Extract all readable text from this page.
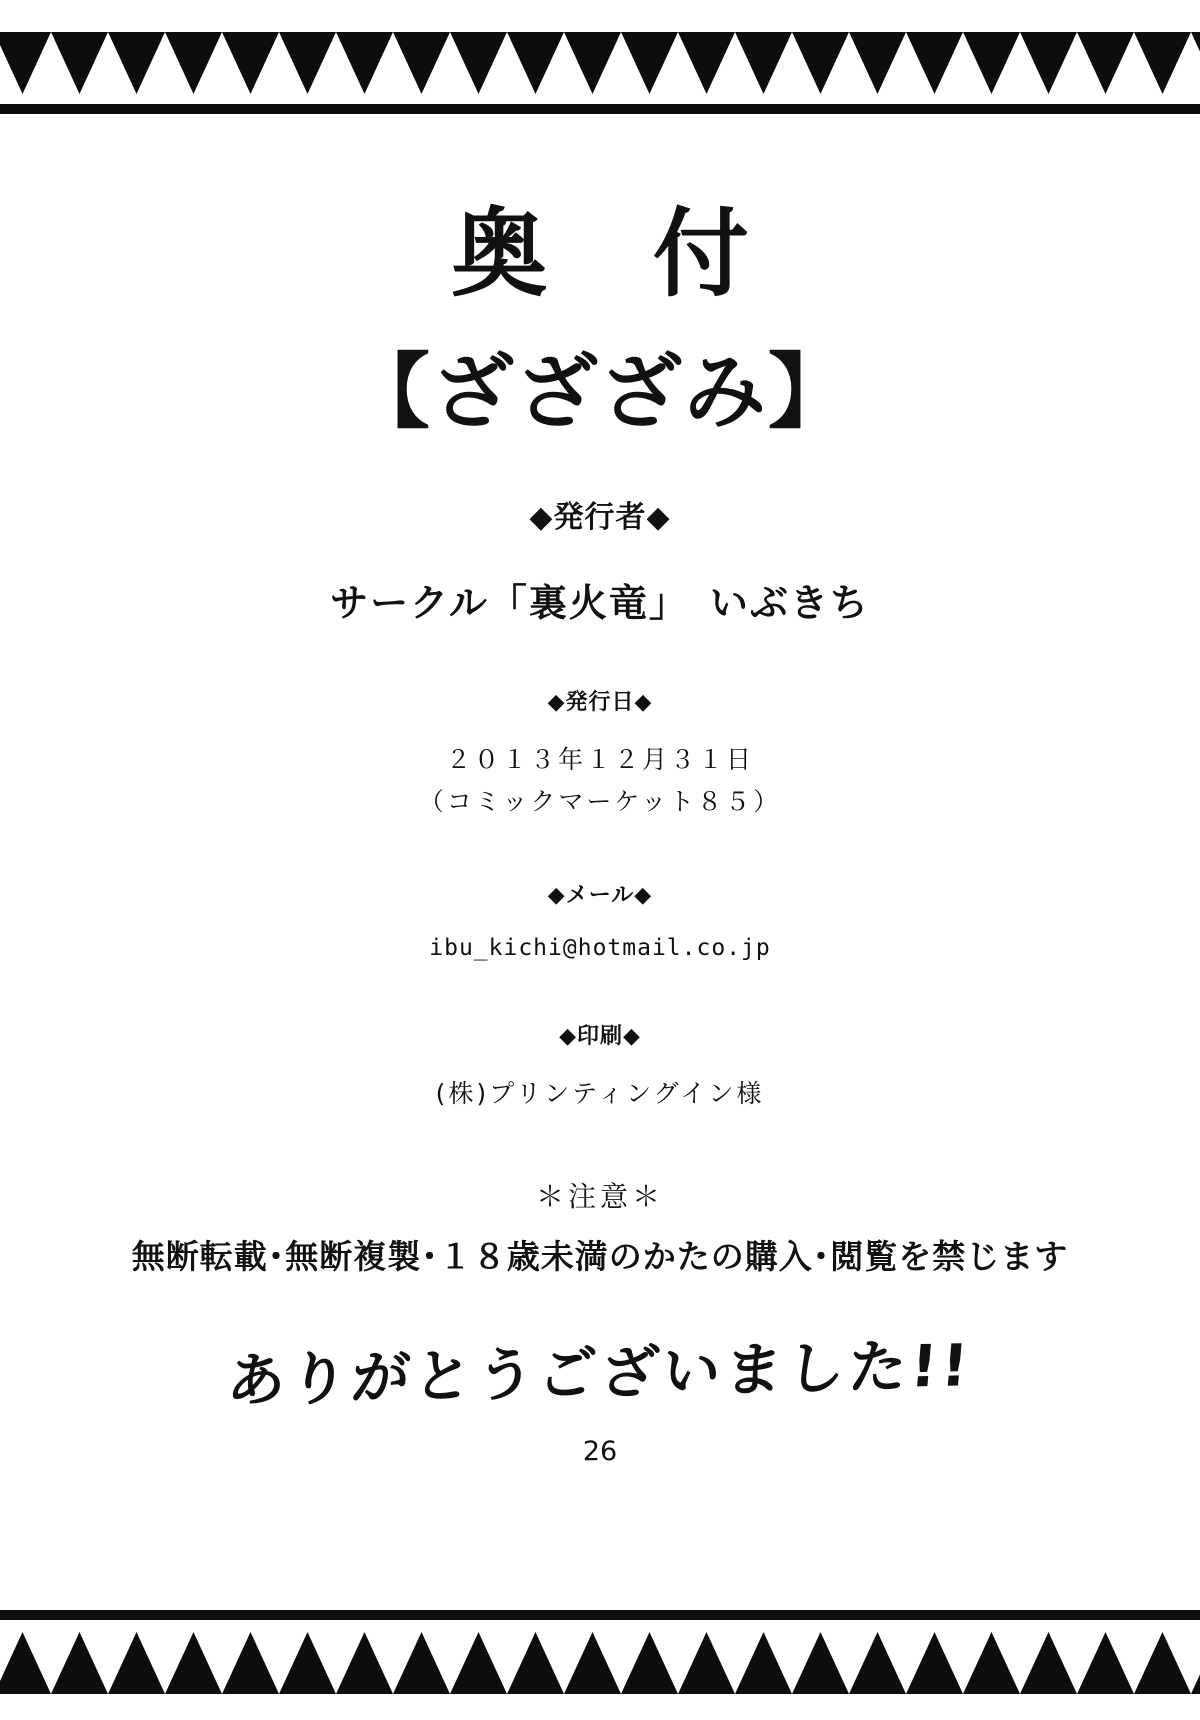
奥 付
【ざざざみ】
◆発行者◆
サークル「裏火竜」　いぶきち
◆発行日◆
２０１３年１２月３１日
（コミックマーケット８５）
◆メール◆
ibu_kichi@hotmail.co.jp
◆印刷◆
(株)プリンティングイン様
＊注意＊
無断転載･無断複製･１８歳未満のかたの購入･閲覧を禁じます
ありがとうございました!!
26
